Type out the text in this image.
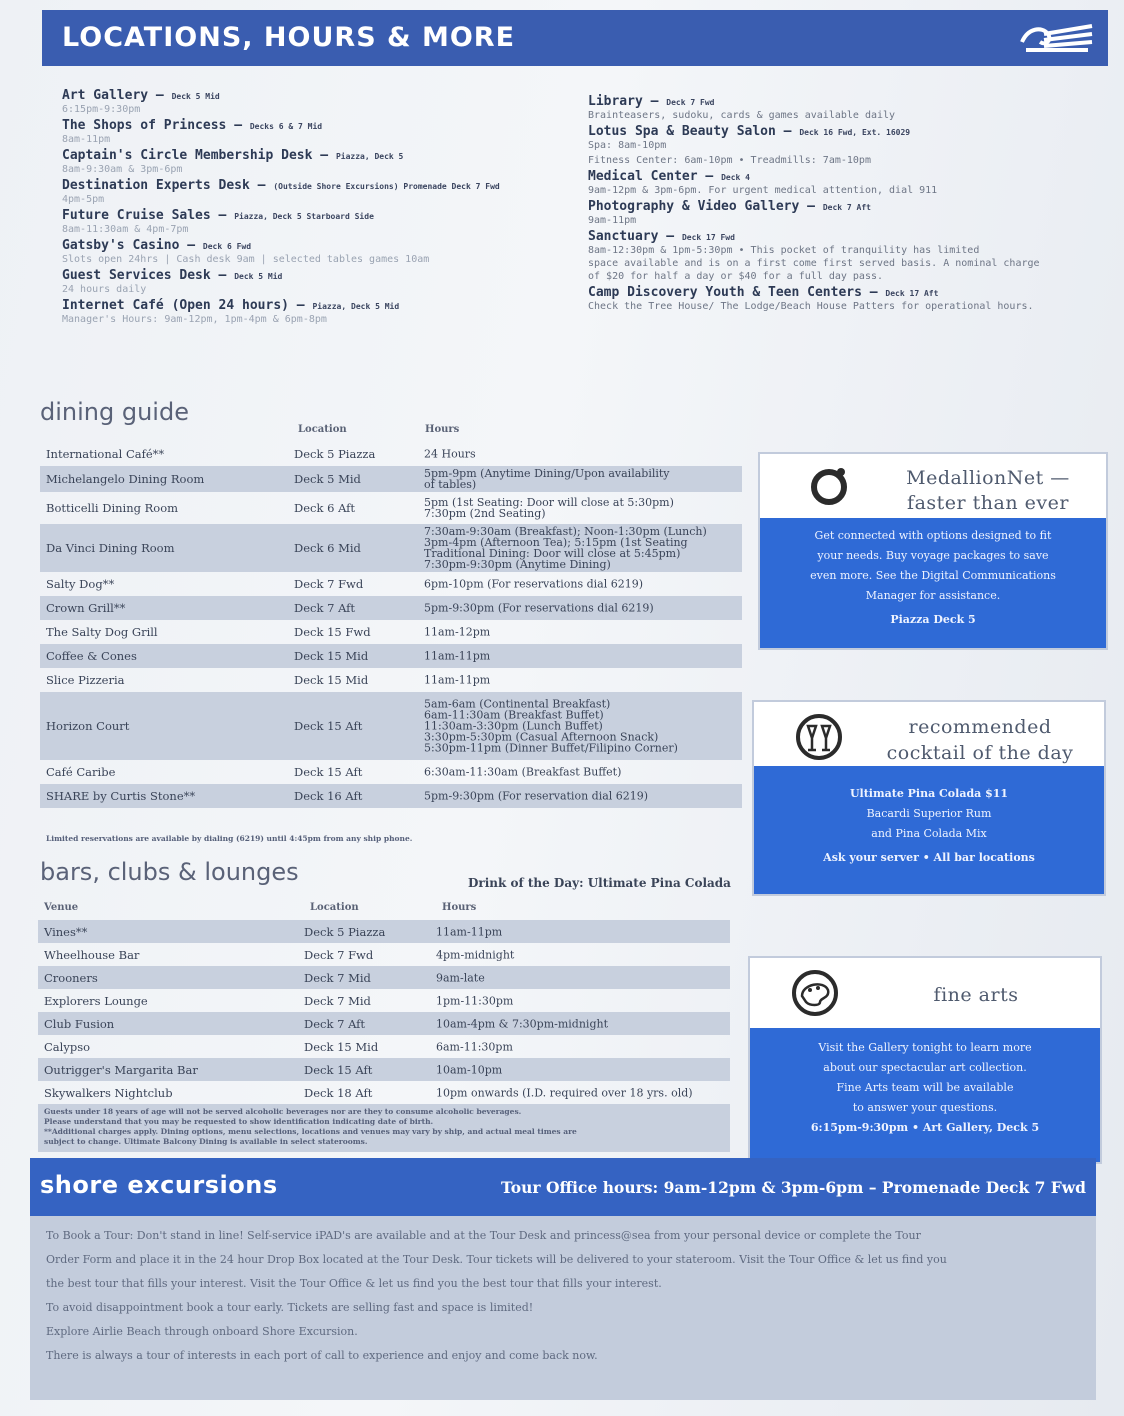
LOCATIONS, HOURS & MORE
Art Gallery — Deck 5 Mid
6:15pm-9:30pm
The Shops of Princess — Decks 6 & 7 Mid
8am-11pm
Captain's Circle Membership Desk — Piazza, Deck 5
8am-9:30am & 3pm-6pm
Destination Experts Desk — (Outside Shore Excursions) Promenade Deck 7 Fwd
4pm-5pm
Future Cruise Sales — Piazza, Deck 5 Starboard Side
8am-11:30am & 4pm-7pm
Gatsby's Casino — Deck 6 Fwd
Slots open 24hrs | Cash desk 9am | selected tables games 10am
Guest Services Desk — Deck 5 Mid
24 hours daily
Internet Café (Open 24 hours) — Piazza, Deck 5 Mid
Manager's Hours: 9am-12pm, 1pm-4pm & 6pm-8pm
Library — Deck 7 Fwd
Brainteasers, sudoku, cards & games available daily
Lotus Spa & Beauty Salon — Deck 16 Fwd, Ext. 16029
Spa: 8am-10pm
Fitness Center: 6am-10pm • Treadmills: 7am-10pm
Medical Center — Deck 4
9am-12pm & 3pm-6pm. For urgent medical attention, dial 911
Photography & Video Gallery — Deck 7 Aft
9am-11pm
Sanctuary — Deck 17 Fwd
8am-12:30pm & 1pm-5:30pm • This pocket of tranquility has limited
space available and is on a first come first served basis. A nominal charge
of $20 for half a day or $40 for a full day pass.
Camp Discovery Youth & Teen Centers — Deck 17 Aft
Check the Tree House/ The Lodge/Beach House Patters for operational hours.
dining guide
Location	Hours
International Café**	Deck 5 Piazza	24 Hours
Michelangelo Dining Room	Deck 5 Mid	5pm-9pm (Anytime Dining/Upon availability
of tables)
Botticelli Dining Room	Deck 6 Aft	5pm (1st Seating: Door will close at 5:30pm)
7:30pm (2nd Seating)
Da Vinci Dining Room	Deck 6 Mid
7:30am-9:30am (Breakfast); Noon-1:30pm (Lunch)
3pm-4pm (Afternoon Tea); 5:15pm (1st Seating
Traditional Dining: Door will close at 5:45pm)
7:30pm-9:30pm (Anytime Dining)
Salty Dog**	Deck 7 Fwd	6pm-10pm (For reservations dial 6219)
Crown Grill**	Deck 7 Aft	5pm-9:30pm (For reservations dial 6219)
The Salty Dog Grill	Deck 15 Fwd	11am-12pm
Coffee & Cones	Deck 15 Mid	11am-11pm
Slice Pizzeria	Deck 15 Mid	11am-11pm
Horizon Court	Deck 15 Aft
5am-6am (Continental Breakfast)
6am-11:30am (Breakfast Buffet)
11:30am-3:30pm (Lunch Buffet)
3:30pm-5:30pm (Casual Afternoon Snack)
5:30pm-11pm (Dinner Buffet/Filipino Corner)
Café Caribe	Deck 15 Aft	6:30am-11:30am (Breakfast Buffet)
SHARE by Curtis Stone**	Deck 16 Aft	5pm-9:30pm (For reservation dial 6219)
Limited reservations are available by dialing (6219) until 4:45pm from any ship phone.
bars, clubs & lounges	Drink of the Day: Ultimate Pina Colada
Venue	Location	Hours
Vines**	Deck 5 Piazza	11am-11pm
Wheelhouse Bar	Deck 7 Fwd	4pm-midnight
Crooners	Deck 7 Mid	9am-late
Explorers Lounge	Deck 7 Mid	1pm-11:30pm
Club Fusion	Deck 7 Aft	10am-4pm & 7:30pm-midnight
Calypso	Deck 15 Mid	6am-11:30pm
Outrigger's Margarita Bar	Deck 15 Aft	10am-10pm
Skywalkers Nightclub	Deck 18 Aft	10pm onwards (I.D. required over 18 yrs. old)
Guests under 18 years of age will not be served alcoholic beverages nor are they to consume alcoholic beverages.
Please understand that you may be requested to show identification indicating date of birth.
**Additional charges apply. Dining options, menu selections, locations and venues may vary by ship, and actual meal times are
subject to change. Ultimate Balcony Dining is available in select staterooms.
MedallionNet —
faster than ever
Get connected with options designed to fit
your needs. Buy voyage packages to save
even more. See the Digital Communications
Manager for assistance.
Piazza Deck 5
recommended
cocktail of the day
Ultimate Pina Colada $11
Bacardi Superior Rum
and Pina Colada Mix
Ask your server • All bar locations
fine arts
Visit the Gallery tonight to learn more
about our spectacular art collection.
Fine Arts team will be available
to answer your questions.
6:15pm-9:30pm • Art Gallery, Deck 5
shore excursions	Tour Office hours: 9am-12pm & 3pm-6pm – Promenade Deck 7 Fwd
To Book a Tour: Don't stand in line! Self-service iPAD's are available and at the Tour Desk and princess@sea from your personal device or complete the Tour
Order Form and place it in the 24 hour Drop Box located at the Tour Desk. Tour tickets will be delivered to your stateroom. Visit the Tour Office & let us find you
the best tour that fills your interest. Visit the Tour Office & let us find you the best tour that fills your interest.
To avoid disappointment book a tour early. Tickets are selling fast and space is limited!
Explore Airlie Beach through onboard Shore Excursion.
There is always a tour of interests in each port of call to experience and enjoy and come back now.
